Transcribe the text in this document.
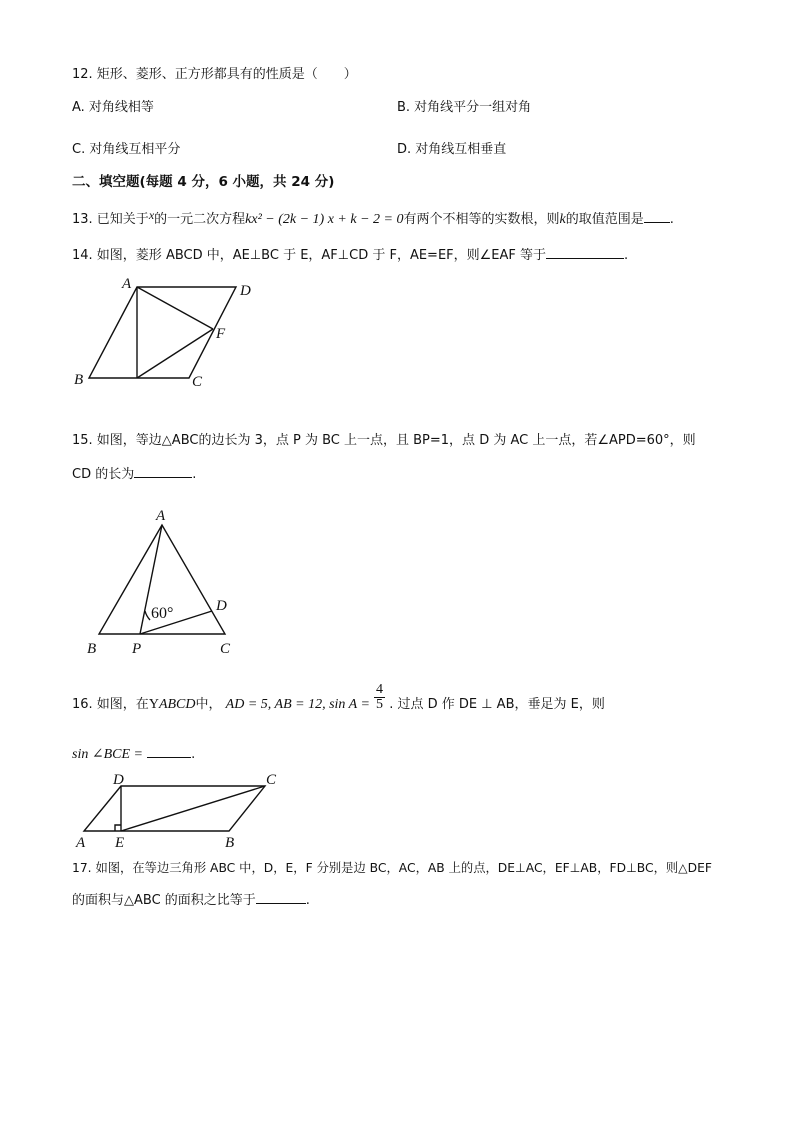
12. 矩形、菱形、正方形都具有的性质是（　　）
A. 对角线相等	B. 对角线平分一组对角
C. 对角线互相平分	D. 对角线互相垂直
二、填空题(每题 4 分，6 小题，共 24 分)
13. 已知关于x的一元二次方程kx² − (2k − 1) x + k − 2 = 0有两个不相等的实数根，则k的取值范围是 .
14. 如图，菱形 ABCD 中，AE⊥BC 于 E，AF⊥CD 于 F，AE=EF，则∠EAF 等于	.
A	D
F
B	C
15. 如图，等边△ABC的边长为 3，点 P 为 BC 上一点，且 BP=1，点 D 为 AC 上一点，若∠APD=60°，则
CD 的长为	.
A
D
60°
B P	C
16. 如图，在YABCD中， AD = 5, AB = 12, $\sin A = \frac{4}{5}$ . 过点 D 作 DE ⊥ AB，垂足为 E，则
sin ∠BCE =	.
D	C
A E	B
17. 如图，在等边三角形 ABC 中，D，E，F 分别是边 BC，AC，AB 上的点，DE⊥AC，EF⊥AB，FD⊥BC，则△DEF
的面积与△ABC 的面积之比等于	.
